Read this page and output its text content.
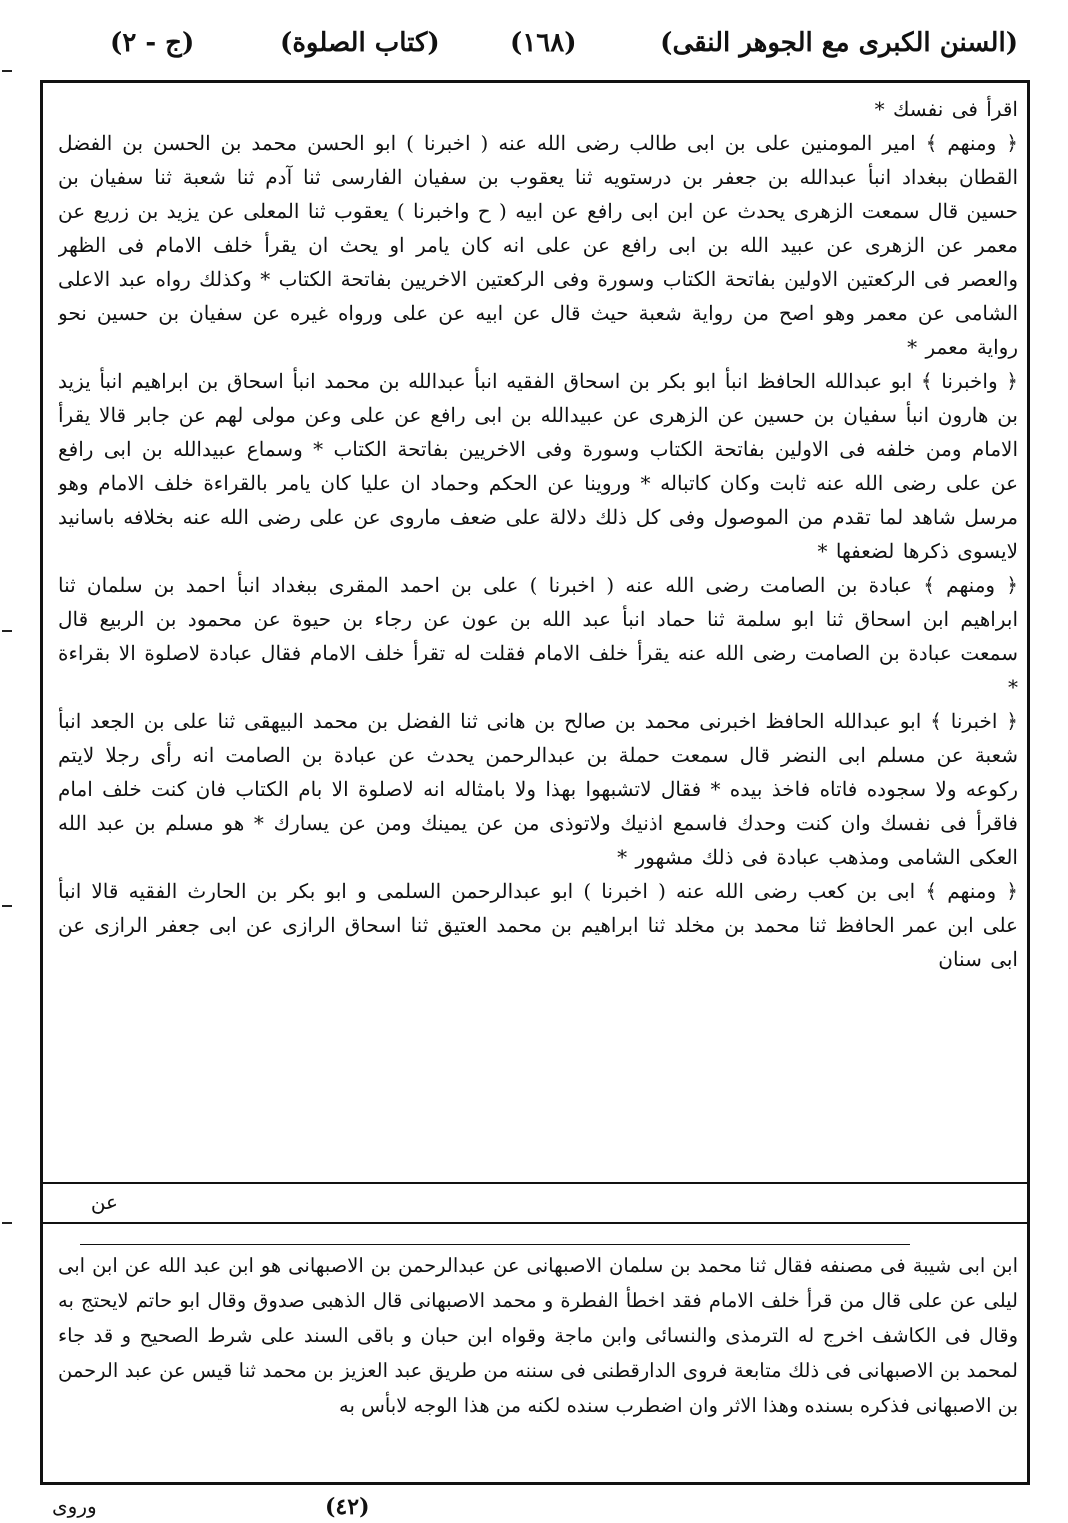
(السنن الكبرى مع الجوهر النقى)
(١٦٨)
(كتاب الصلوة)
(ج - ٢)

اقرأ فى نفسك *

﴿ ومنهم ﴾ امير المومنين على بن ابى طالب رضى الله عنه ( اخبرنا ) ابو الحسن محمد بن الحسن بن الفضل القطان ببغداد انبأ عبدالله بن جعفر بن درستويه ثنا يعقوب بن سفيان الفارسى ثنا آدم ثنا شعبة ثنا سفيان بن حسين قال سمعت الزهرى يحدث عن ابن ابى رافع عن ابيه ( ح واخبرنا ) يعقوب ثنا المعلى عن يزيد بن زريع عن معمر عن الزهرى عن عبيد الله بن ابى رافع عن على انه كان يامر او يحث ان يقرأ خلف الامام فى الظهر والعصر فى الركعتين الاولين بفاتحة الكتاب وسورة وفى الركعتين الاخريين بفاتحة الكتاب * وكذلك رواه عبد الاعلى الشامى عن معمر وهو اصح من رواية شعبة حيث قال عن ابيه عن على ورواه غيره عن سفيان بن حسين نحو رواية معمر *

﴿ واخبرنا ﴾ ابو عبدالله الحافظ انبأ ابو بكر بن اسحاق الفقيه انبأ عبدالله بن محمد انبأ اسحاق بن ابراهيم انبأ يزيد بن هارون انبأ سفيان بن حسين عن الزهرى عن عبيدالله بن ابى رافع عن على وعن مولى لهم عن جابر قالا يقرأ الامام ومن خلفه فى الاولين بفاتحة الكتاب وسورة وفى الاخريين بفاتحة الكتاب * وسماع عبيدالله بن ابى رافع عن على رضى الله عنه ثابت وكان كاتباله * وروينا عن الحكم وحماد ان عليا كان يامر بالقراءة خلف الامام وهو مرسل شاهد لما تقدم من الموصول وفى كل ذلك دلالة على ضعف ماروى عن على رضى الله عنه بخلافه باسانيد لايسوى ذكرها لضعفها *

﴿ ومنهم ﴾ عبادة بن الصامت رضى الله عنه ( اخبرنا ) على بن احمد المقرى ببغداد انبأ احمد بن سلمان ثنا ابراهيم ابن اسحاق ثنا ابو سلمة ثنا حماد انبأ عبد الله بن عون عن رجاء بن حيوة عن محمود بن الربيع قال سمعت عبادة بن الصامت رضى الله عنه يقرأ خلف الامام فقلت له تقرأ خلف الامام فقال عبادة لاصلوة الا بقراءة *

﴿ اخبرنا ﴾ ابو عبدالله الحافظ اخبرنى محمد بن صالح بن هانى ثنا الفضل بن محمد البيهقى ثنا على بن الجعد انبأ شعبة عن مسلم ابى النضر قال سمعت حملة بن عبدالرحمن يحدث عن عبادة بن الصامت انه رأى رجلا لايتم ركوعه ولا سجوده فاتاه فاخذ بيده * فقال لاتشبهوا بهذا ولا بامثاله انه لاصلوة الا بام الكتاب فان كنت خلف امام فاقرأ فى نفسك وان كنت وحدك فاسمع اذنيك ولاتوذى من عن يمينك ومن عن يسارك * هو مسلم بن عبد الله العكى الشامى ومذهب عبادة فى ذلك مشهور *

﴿ ومنهم ﴾ ابى بن كعب رضى الله عنه ( اخبرنا ) ابو عبدالرحمن السلمى و ابو بكر بن الحارث الفقيه قالا انبأ على ابن عمر الحافظ ثنا محمد بن مخلد ثنا ابراهيم بن محمد العتيق ثنا اسحاق الرازى عن ابى جعفر الرازى عن ابى سنان

عن

ابن ابى شيبة فى مصنفه فقال ثنا محمد بن سلمان الاصبهانى عن عبدالرحمن بن الاصبهانى هو ابن عبد الله عن ابن ابى ليلى عن على قال من قرأ خلف الامام فقد اخطأ الفطرة و محمد الاصبهانى قال الذهبى صدوق وقال ابو حاتم لايحتج به وقال فى الكاشف اخرج له الترمذى والنسائى وابن ماجة وقواه ابن حبان و باقى السند على شرط الصحيح و قد جاء لمحمد بن الاصبهانى فى ذلك متابعة فروى الدارقطنى فى سننه من طريق عبد العزيز بن محمد ثنا قيس عن عبد الرحمن بن الاصبهانى فذكره بسنده وهذا الاثر وان اضطرب سنده لكنه من هذا الوجه لابأس به

وروى	(٤٢)
